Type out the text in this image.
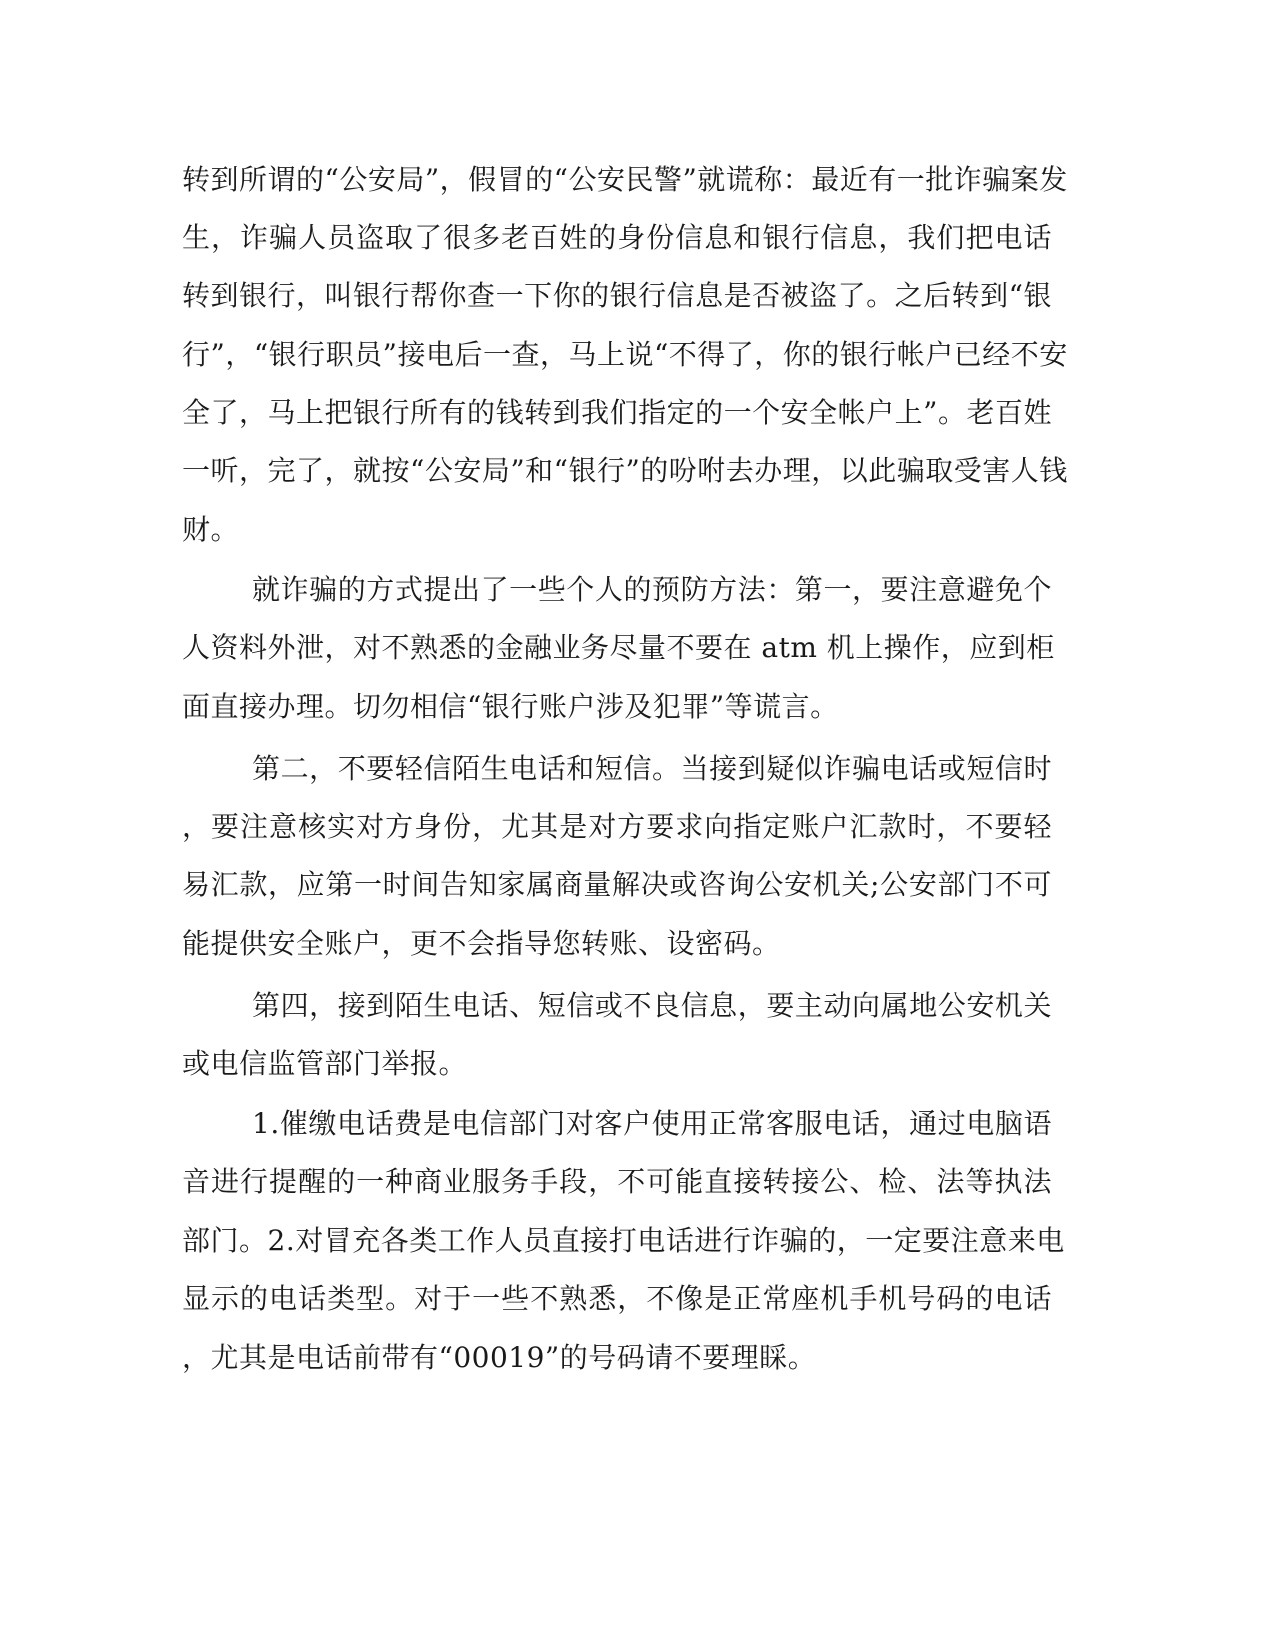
转到所谓的“公安局”，假冒的“公安民警”就谎称：最近有一批诈骗案发
生，诈骗人员盗取了很多老百姓的身份信息和银行信息，我们把电话
转到银行，叫银行帮你查一下你的银行信息是否被盗了。之后转到“银
行”，“银行职员”接电后一查，马上说“不得了，你的银行帐户已经不安
全了，马上把银行所有的钱转到我们指定的一个安全帐户上”。老百姓
一听，完了，就按“公安局”和“银行”的吩咐去办理，以此骗取受害人钱
财。
就诈骗的方式提出了一些个人的预防方法：第一，要注意避免个
人资料外泄，对不熟悉的金融业务尽量不要在 atm 机上操作，应到柜
面直接办理。切勿相信“银行账户涉及犯罪”等谎言。
第二，不要轻信陌生电话和短信。当接到疑似诈骗电话或短信时
，要注意核实对方身份，尤其是对方要求向指定账户汇款时，不要轻
易汇款，应第一时间告知家属商量解决或咨询公安机关;公安部门不可
能提供安全账户，更不会指导您转账、设密码。
第四，接到陌生电话、短信或不良信息，要主动向属地公安机关
或电信监管部门举报。
1.催缴电话费是电信部门对客户使用正常客服电话，通过电脑语
音进行提醒的一种商业服务手段，不可能直接转接公、检、法等执法
部门。2.对冒充各类工作人员直接打电话进行诈骗的，一定要注意来电
显示的电话类型。对于一些不熟悉，不像是正常座机手机号码的电话
，尤其是电话前带有“00019”的号码请不要理睬。
